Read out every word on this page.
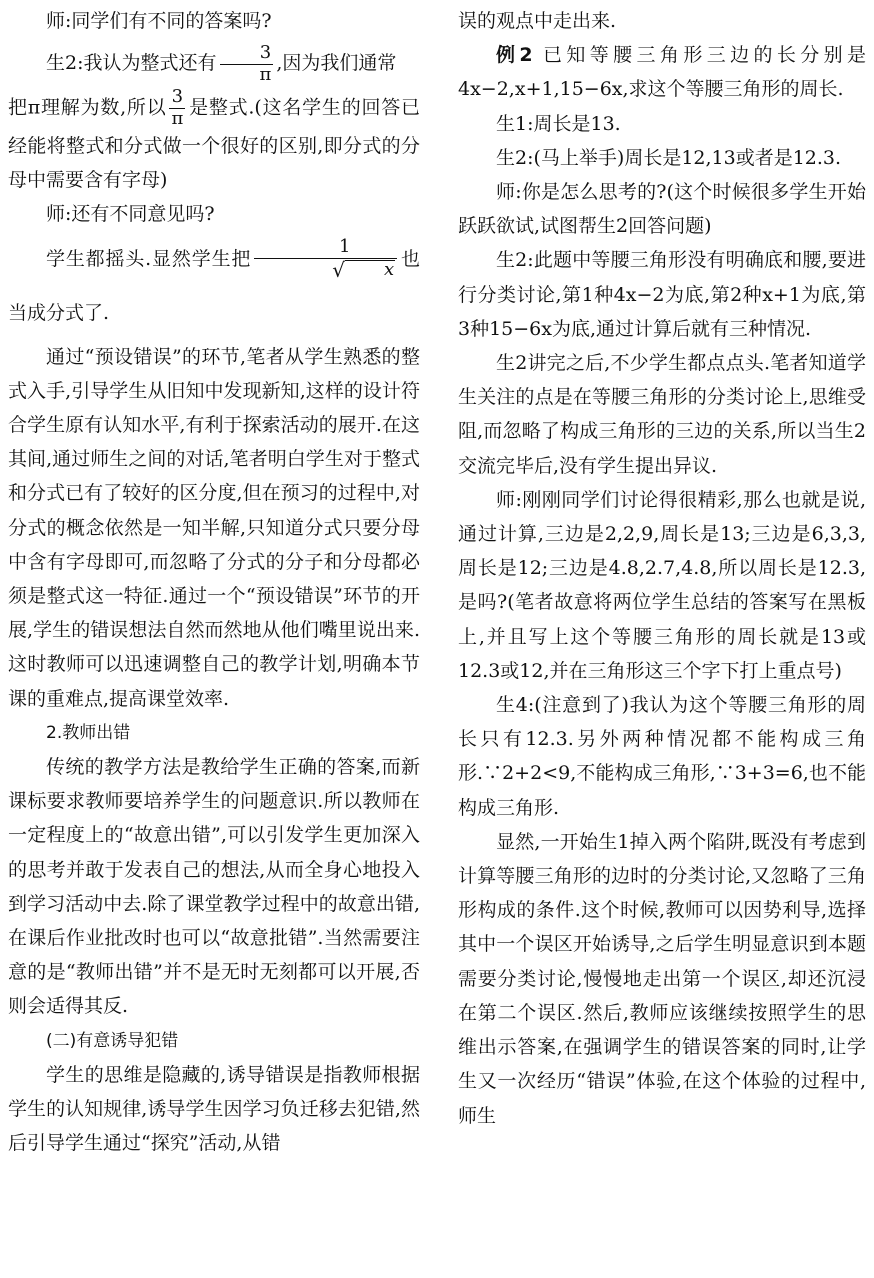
师:同学们有不同的答案吗?

生2:我认为整式还有 $\frac{3}{\pi}$ ,因为我们通常

把π理解为数,所以 $\frac{3}{\pi}$ 是整式.(这名学生的回答已经能将整式和分式做一个很好的区别,即分式的分母中需要含有字母)

师:还有不同意见吗?

学生都摇头.显然学生把 1
√	x 也当成分式了.

通过“预设错误”的环节,笔者从学生熟悉的整式入手,引导学生从旧知中发现新知,这样的设计符合学生原有认知水平,有利于探索活动的展开.在这其间,通过师生之间的对话,笔者明白学生对于整式和分式已有了较好的区分度,但在预习的过程中,对分式的概念依然是一知半解,只知道分式只要分母中含有字母即可,而忽略了分式的分子和分母都必须是整式这一特征.通过一个“预设错误”环节的开展,学生的错误想法自然而然地从他们嘴里说出来.这时教师可以迅速调整自己的教学计划,明确本节课的重难点,提高课堂效率.

2.教师出错

传统的教学方法是教给学生正确的答案,而新课标要求教师要培养学生的问题意识.所以教师在一定程度上的“故意出错”,可以引发学生更加深入的思考并敢于发表自己的想法,从而全身心地投入到学习活动中去.除了课堂教学过程中的故意出错,在课后作业批改时也可以“故意批错”.当然需要注意的是“教师出错”并不是无时无刻都可以开展,否则会适得其反.

(二)有意诱导犯错

学生的思维是隐藏的,诱导错误是指教师根据学生的认知规律,诱导学生因学习负迁移去犯错,然后引导学生通过“探究”活动,从错

误的观点中走出来.

例2 已知等腰三角形三边的长分别是4x−2,x+1,15−6x,求这个等腰三角形的周长.

生1:周长是13.

生2:(马上举手)周长是12,13或者是12.3.

师:你是怎么思考的?(这个时候很多学生开始跃跃欲试,试图帮生2回答问题)

生2:此题中等腰三角形没有明确底和腰,要进行分类讨论,第1种4x−2为底,第2种x+1为底,第3种15−6x为底,通过计算后就有三种情况.

生2讲完之后,不少学生都点点头.笔者知道学生关注的点是在等腰三角形的分类讨论上,思维受阻,而忽略了构成三角形的三边的关系,所以当生2交流完毕后,没有学生提出异议.

师:刚刚同学们讨论得很精彩,那么也就是说,通过计算,三边是2,2,9,周长是13;三边是6,3,3,周长是12;三边是4.8,2.7,4.8,所以周长是12.3,是吗?(笔者故意将两位学生总结的答案写在黑板上,并且写上这个等腰三角形的周长就是13或12.3或12,并在三角形这三个字下打上重点号)

生4:(注意到了)我认为这个等腰三角形的周长只有12.3.另外两种情况都不能构成三角形.∵2+2<9,不能构成三角形,∵3+3=6,也不能构成三角形.

显然,一开始生1掉入两个陷阱,既没有考虑到计算等腰三角形的边时的分类讨论,又忽略了三角形构成的条件.这个时候,教师可以因势利导,选择其中一个误区开始诱导,之后学生明显意识到本题需要分类讨论,慢慢地走出第一个误区,却还沉浸在第二个误区.然后,教师应该继续按照学生的思维出示答案,在强调学生的错误答案的同时,让学生又一次经历“错误”体验,在这个体验的过程中,师生
